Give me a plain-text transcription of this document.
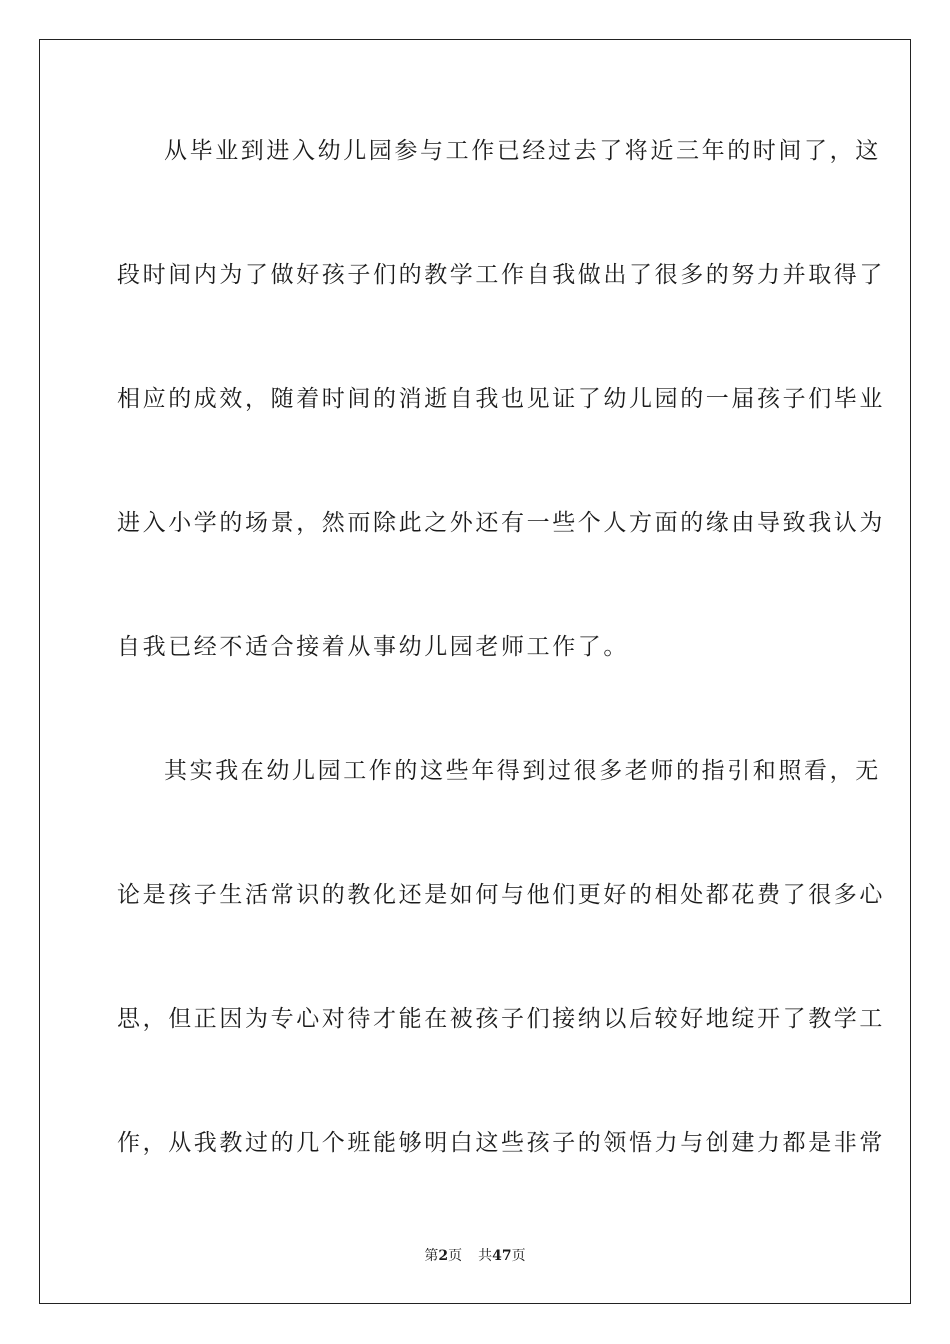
从毕业到进入幼儿园参与工作已经过去了将近三年的时间了，这
段时间内为了做好孩子们的教学工作自我做出了很多的努力并取得了
相应的成效，随着时间的消逝自我也见证了幼儿园的一届孩子们毕业
进入小学的场景，然而除此之外还有一些个人方面的缘由导致我认为
自我已经不适合接着从事幼儿园老师工作了。
其实我在幼儿园工作的这些年得到过很多老师的指引和照看，无
论是孩子生活常识的教化还是如何与他们更好的相处都花费了很多心
思，但正因为专心对待才能在被孩子们接纳以后较好地绽开了教学工
作，从我教过的几个班能够明白这些孩子的领悟力与创建力都是非常
第2页 共47页
